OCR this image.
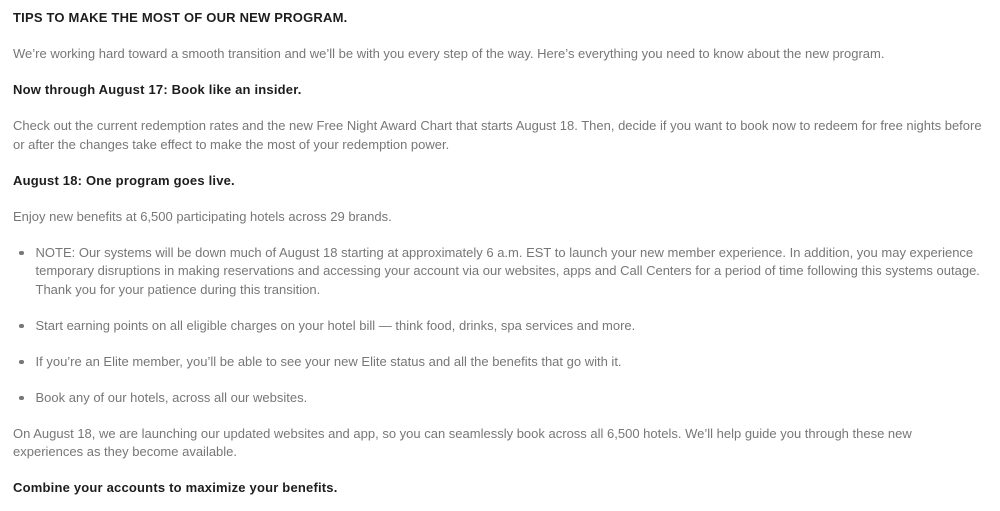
TIPS TO MAKE THE MOST OF OUR NEW PROGRAM.

We’re working hard toward a smooth transition and we’ll be with you every step of the way. Here’s everything you need to know about the new program.

Now through August 17: Book like an insider.

Check out the current redemption rates and the new Free Night Award Chart that starts August 18. Then, decide if you want to book now to redeem for free nights before or after the changes take effect to make the most of your redemption power.

August 18: One program goes live.

Enjoy new benefits at 6,500 participating hotels across 29 brands.

NOTE: Our systems will be down much of August 18 starting at approximately 6 a.m. EST to launch your new member experience. In addition, you may experience temporary disruptions in making reservations and accessing your account via our websites, apps and Call Centers for a period of time following this systems outage. Thank you for your patience during this transition.
Start earning points on all eligible charges on your hotel bill — think food, drinks, spa services and more.
If you’re an Elite member, you’ll be able to see your new Elite status and all the benefits that go with it.
Book any of our hotels, across all our websites.

On August 18, we are launching our updated websites and app, so you can seamlessly book across all 6,500 hotels. We’ll help guide you through these new experiences as they become available.

Combine your accounts to maximize your benefits.
